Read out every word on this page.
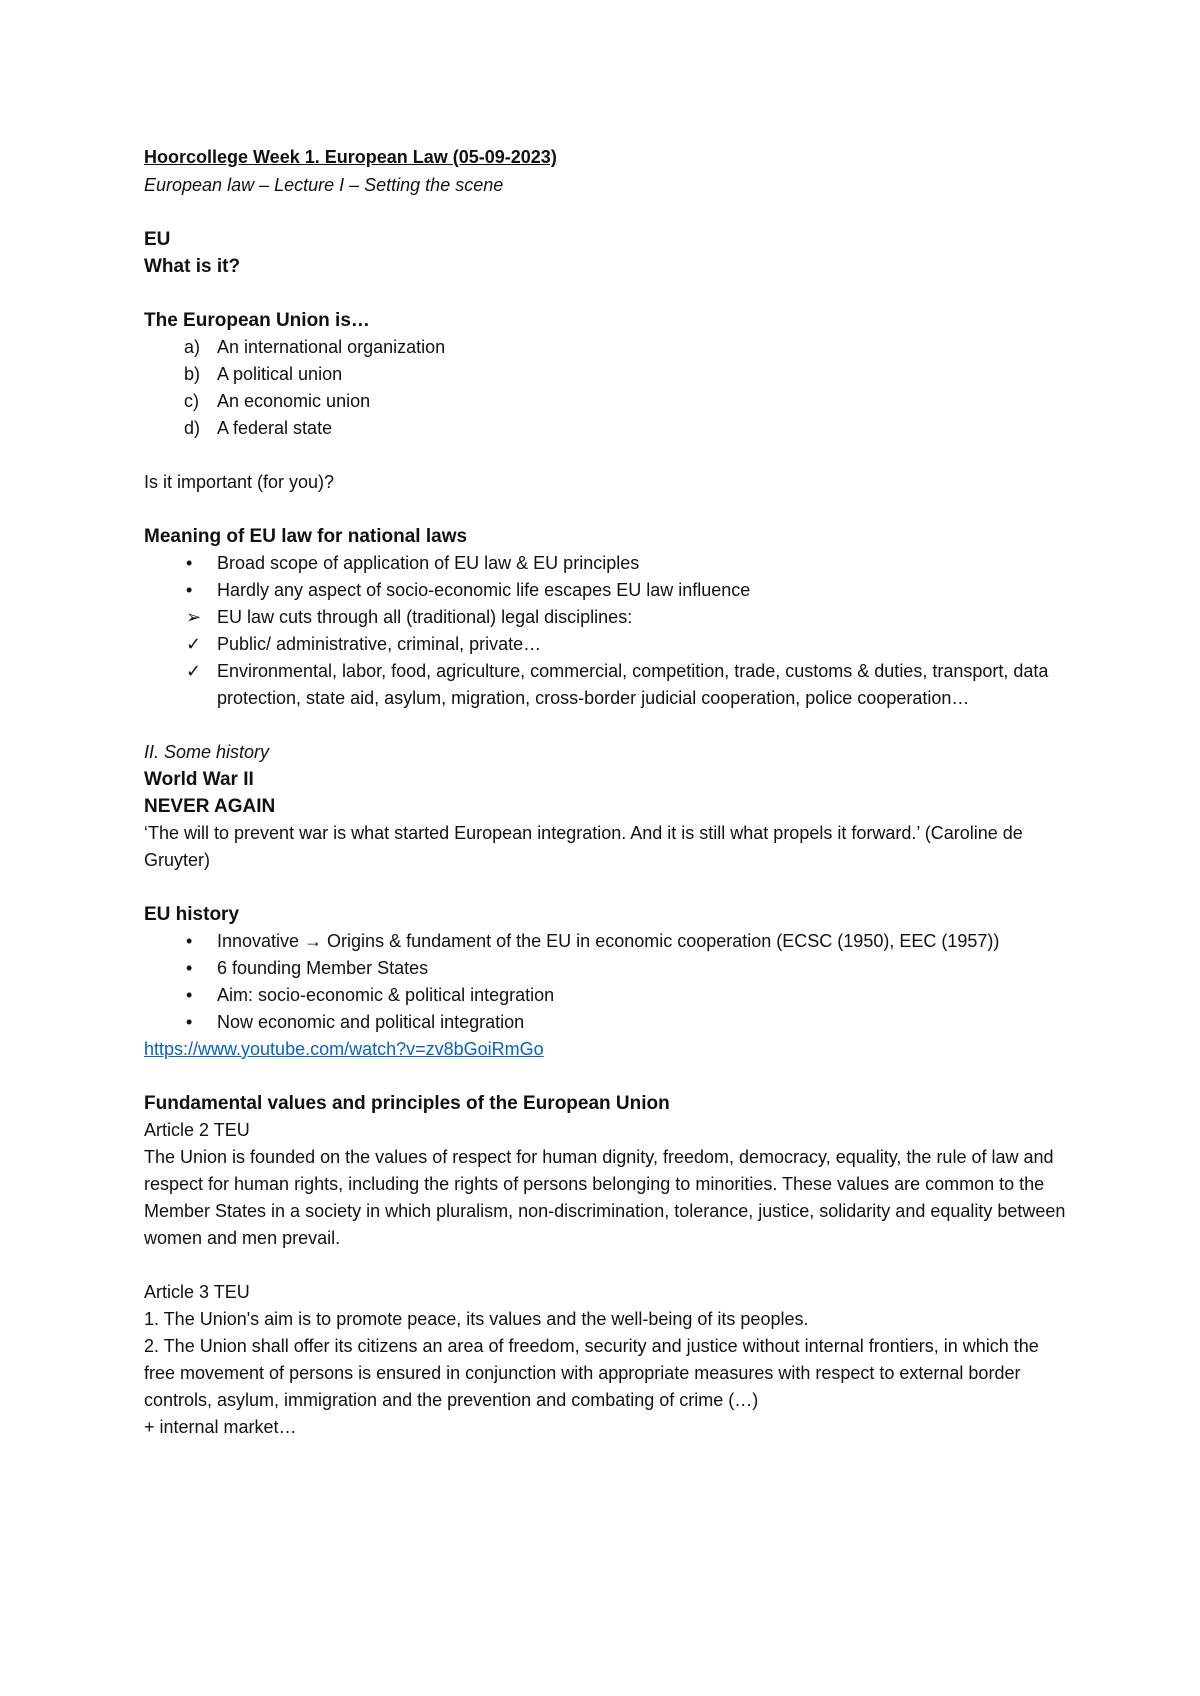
Hoorcollege Week 1. European Law (05-09-2023)

European law – Lecture I – Setting the scene

EU

What is it?

The European Union is…

a) An international organization
b) A political union
c)	An economic union
d) A federal state

Is it important (for you)?

Meaning of EU law for national laws

•	Broad scope of application of EU law & EU principles
•	Hardly any aspect of socio-economic life escapes EU law influence
➢ EU law cuts through all (traditional) legal disciplines:
✓ Public/ administrative, criminal, private…
✓ Environmental, labor, food, agriculture, commercial, competition, trade, customs & duties, transport, data protection, state aid, asylum, migration, cross-border judicial cooperation, police cooperation…

II. Some history

World War II

NEVER AGAIN

‘The will to prevent war is what started European integration. And it is still what propels it forward.’ (Caroline de Gruyter)

EU history

•	Innovative → Origins & fundament of the EU in economic cooperation (ECSC (1950), EEC (1957))
•	6 founding Member States
•	Aim: socio-economic & political integration
•	Now economic and political integration

https://www.youtube.com/watch?v=zv8bGoiRmGo

Fundamental values and principles of the European Union

Article 2 TEU

The Union is founded on the values of respect for human dignity, freedom, democracy, equality, the rule of law and respect for human rights, including the rights of persons belonging to minorities. These values are common to the Member States in a society in which pluralism, non-discrimination, tolerance, justice, solidarity and equality between women and men prevail.

Article 3 TEU

1. The Union's aim is to promote peace, its values and the well-being of its peoples.

2. The Union shall offer its citizens an area of freedom, security and justice without internal frontiers, in which the free movement of persons is ensured in conjunction with appropriate measures with respect to external border controls, asylum, immigration and the prevention and combating of crime (…)

+ internal market…
